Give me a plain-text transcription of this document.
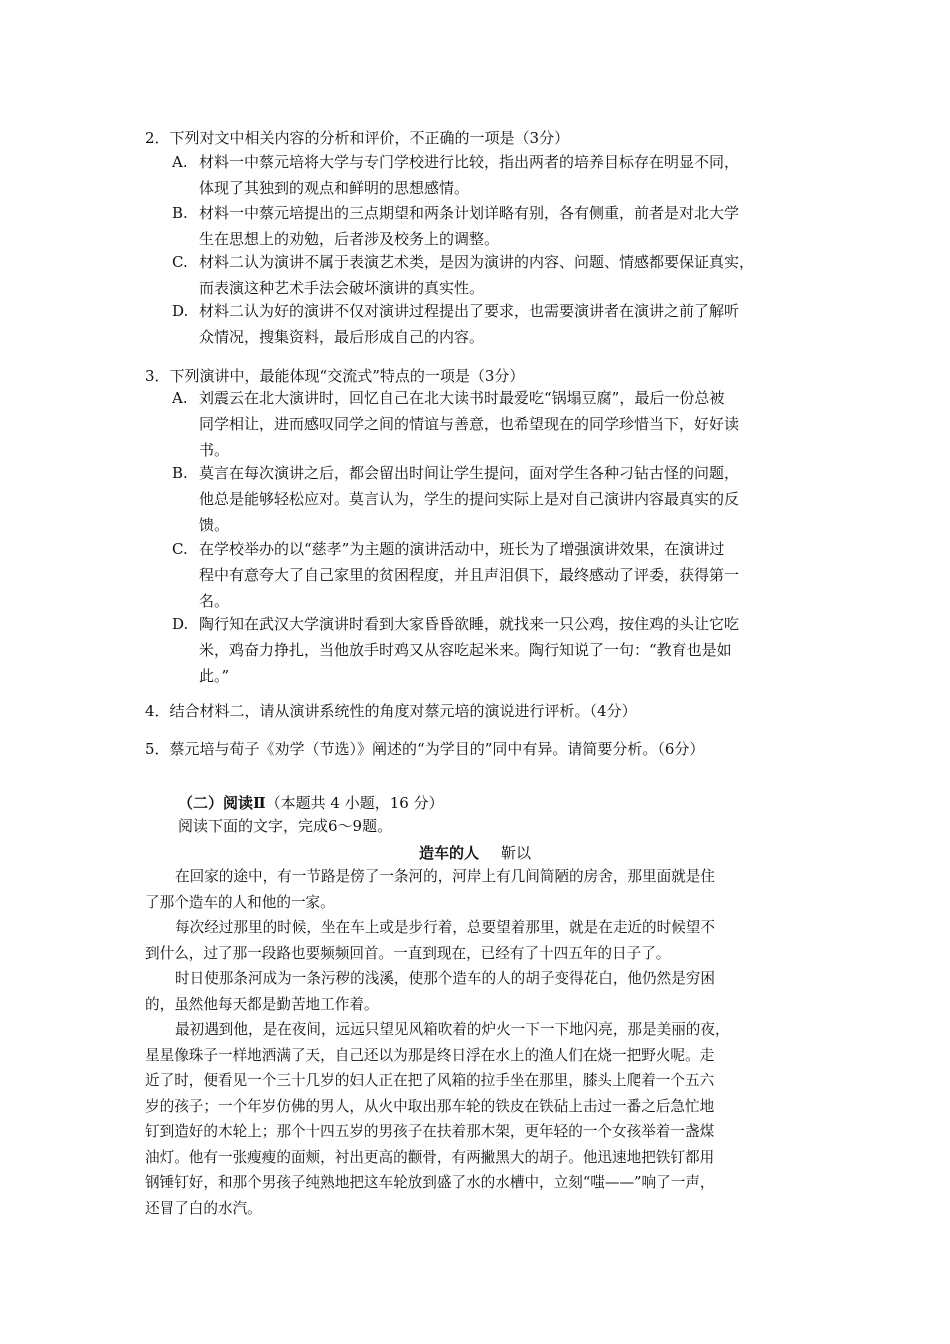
2．下列对文中相关内容的分析和评价，不正确的一项是（3分）
A. 材料一中蔡元培将大学与专门学校进行比较，指出两者的培养目标存在明显不同，
体现了其独到的观点和鲜明的思想感情。
B. 材料一中蔡元培提出的三点期望和两条计划详略有别，各有侧重，前者是对北大学
生在思想上的劝勉，后者涉及校务上的调整。
C. 材料二认为演讲不属于表演艺术类，是因为演讲的内容、问题、情感都要保证真实，
而表演这种艺术手法会破坏演讲的真实性。
D. 材料二认为好的演讲不仅对演讲过程提出了要求，也需要演讲者在演讲之前了解听
众情况，搜集资料，最后形成自己的内容。
3．下列演讲中，最能体现“交流式”特点的一项是（3分）
A. 刘震云在北大演讲时，回忆自己在北大读书时最爱吃“锅塌豆腐”，最后一份总被
同学相让，进而感叹同学之间的情谊与善意，也希望现在的同学珍惜当下，好好读
书。
B. 莫言在每次演讲之后，都会留出时间让学生提问，面对学生各种刁钻古怪的问题，
他总是能够轻松应对。莫言认为，学生的提问实际上是对自己演讲内容最真实的反
馈。
C. 在学校举办的以“慈孝”为主题的演讲活动中，班长为了增强演讲效果，在演讲过
程中有意夸大了自己家里的贫困程度，并且声泪俱下，最终感动了评委，获得第一
名。
D. 陶行知在武汉大学演讲时看到大家昏昏欲睡，就找来一只公鸡，按住鸡的头让它吃
米，鸡奋力挣扎，当他放手时鸡又从容吃起米来。陶行知说了一句：“教育也是如
此。”
4．结合材料二，请从演讲系统性的角度对蔡元培的演说进行评析。（4分）
5．蔡元培与荀子《劝学（节选）》阐述的“为学目的”同中有异。请简要分析。（6分）
（二）阅读Ⅱ（本题共 4 小题，16 分）
阅读下面的文字，完成6～9题。
造车的人 靳以
在回家的途中，有一节路是傍了一条河的，河岸上有几间简陋的房舍，那里面就是住
了那个造车的人和他的一家。
每次经过那里的时候，坐在车上或是步行着，总要望着那里，就是在走近的时候望不
到什么，过了那一段路也要频频回首。一直到现在，已经有了十四五年的日子了。
时日使那条河成为一条污秽的浅溪，使那个造车的人的胡子变得花白，他仍然是穷困
的，虽然他每天都是勤苦地工作着。
最初遇到他，是在夜间，远远只望见风箱吹着的炉火一下一下地闪亮，那是美丽的夜，
星星像珠子一样地洒满了天，自己还以为那是终日浮在水上的渔人们在烧一把野火呢。走
近了时，便看见一个三十几岁的妇人正在把了风箱的拉手坐在那里，膝头上爬着一个五六
岁的孩子；一个年岁仿佛的男人，从火中取出那车轮的铁皮在铁砧上击过一番之后急忙地
钉到造好的木轮上；那个十四五岁的男孩子在扶着那木架，更年轻的一个女孩举着一盏煤
油灯。他有一张瘦瘦的面颊，衬出更高的颧骨，有两撇黑大的胡子。他迅速地把铁钉都用
钢锤钉好，和那个男孩子纯熟地把这车轮放到盛了水的水槽中，立刻“嗤——”响了一声，
还冒了白的水汽。
